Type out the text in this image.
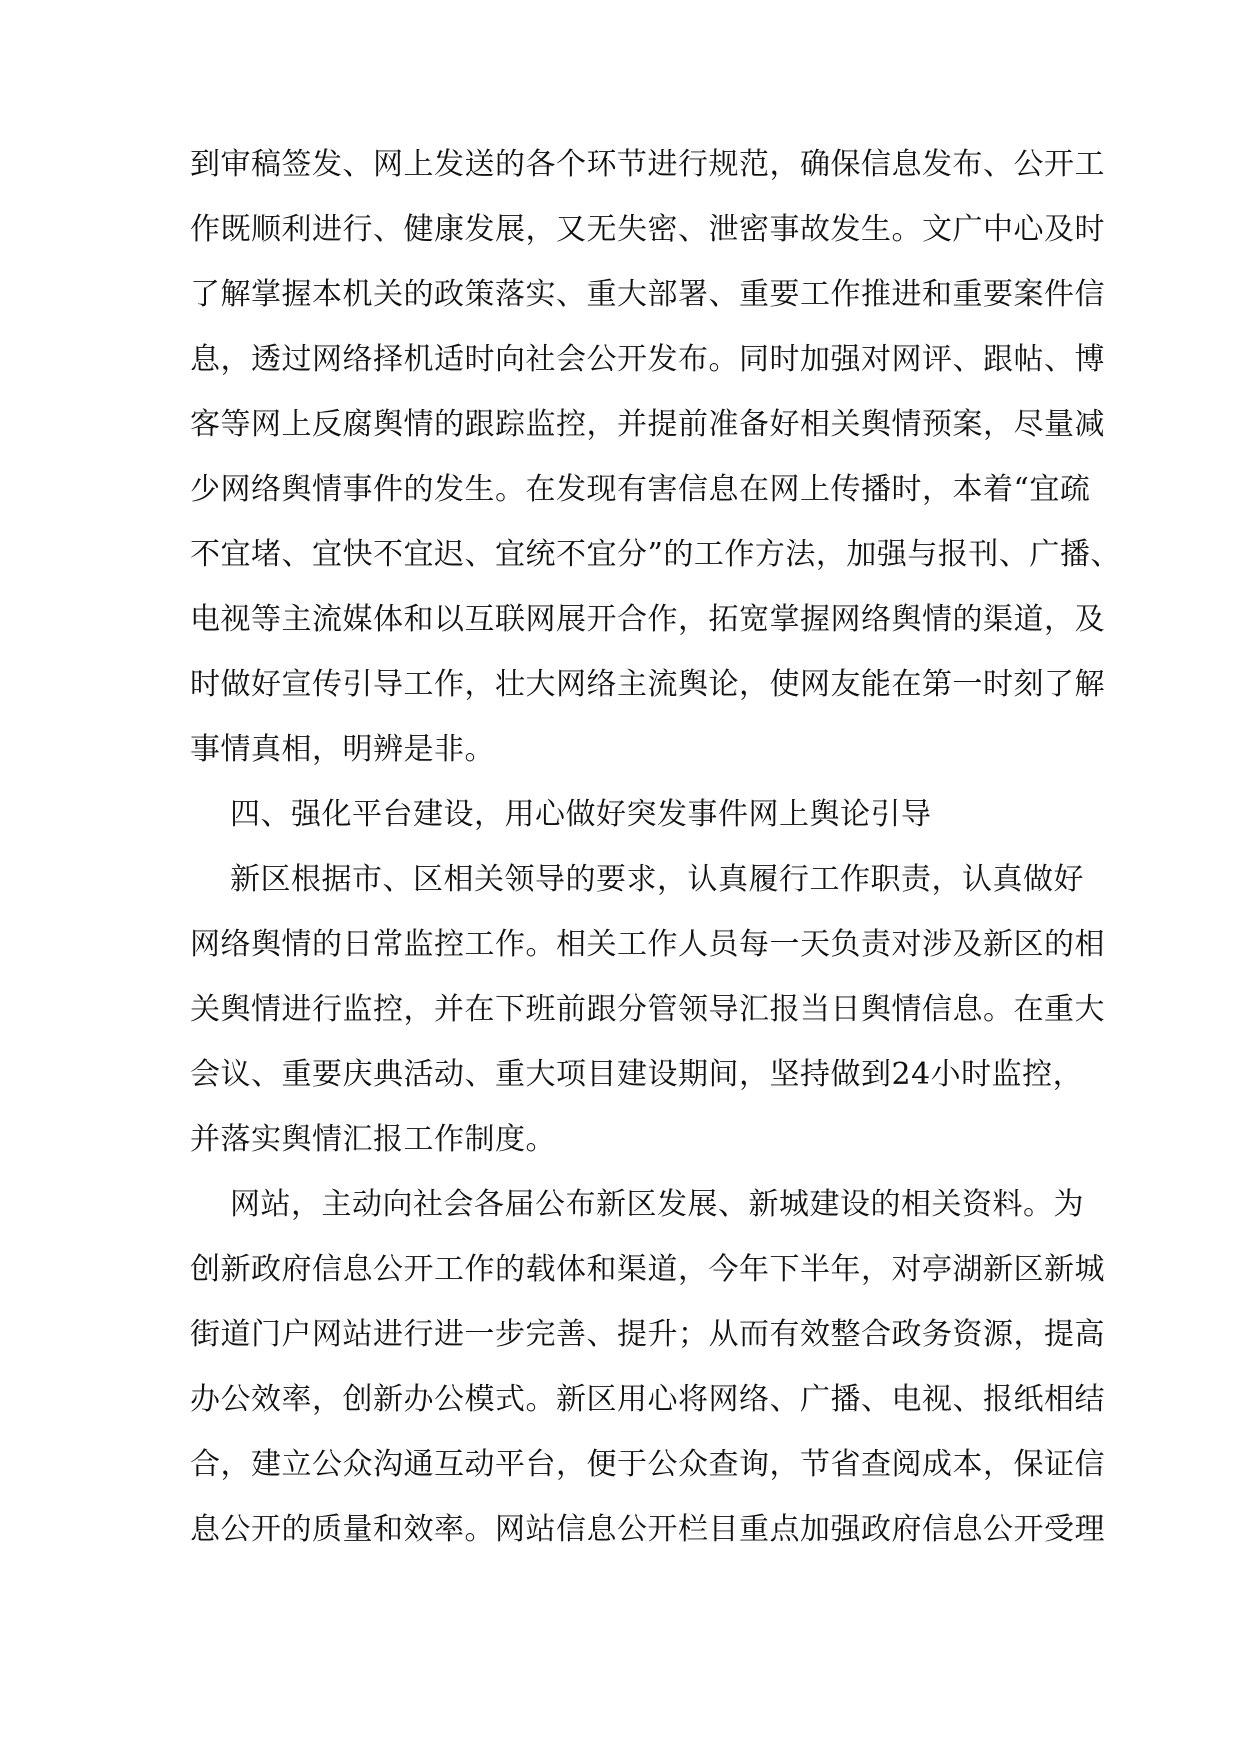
到审稿签发、网上发送的各个环节进行规范，确保信息发布、公开工
作既顺利进行、健康发展，又无失密、泄密事故发生。文广中心及时
了解掌握本机关的政策落实、重大部署、重要工作推进和重要案件信
息，透过网络择机适时向社会公开发布。同时加强对网评、跟帖、博
客等网上反腐舆情的跟踪监控，并提前准备好相关舆情预案，尽量减
少网络舆情事件的发生。在发现有害信息在网上传播时，本着“宜疏
不宜堵、宜快不宜迟、宜统不宜分”的工作方法，加强与报刊、广播、
电视等主流媒体和以互联网展开合作，拓宽掌握网络舆情的渠道，及
时做好宣传引导工作，壮大网络主流舆论，使网友能在第一时刻了解
事情真相，明辨是非。
四、强化平台建设，用心做好突发事件网上舆论引导
新区根据市、区相关领导的要求，认真履行工作职责，认真做好
网络舆情的日常监控工作。相关工作人员每一天负责对涉及新区的相
关舆情进行监控，并在下班前跟分管领导汇报当日舆情信息。在重大
会议、重要庆典活动、重大项目建设期间，坚持做到24小时监控，
并落实舆情汇报工作制度。
网站，主动向社会各届公布新区发展、新城建设的相关资料。为
创新政府信息公开工作的载体和渠道，今年下半年，对亭湖新区新城
街道门户网站进行进一步完善、提升；从而有效整合政务资源，提高
办公效率，创新办公模式。新区用心将网络、广播、电视、报纸相结
合，建立公众沟通互动平台，便于公众查询，节省查阅成本，保证信
息公开的质量和效率。网站信息公开栏目重点加强政府信息公开受理
